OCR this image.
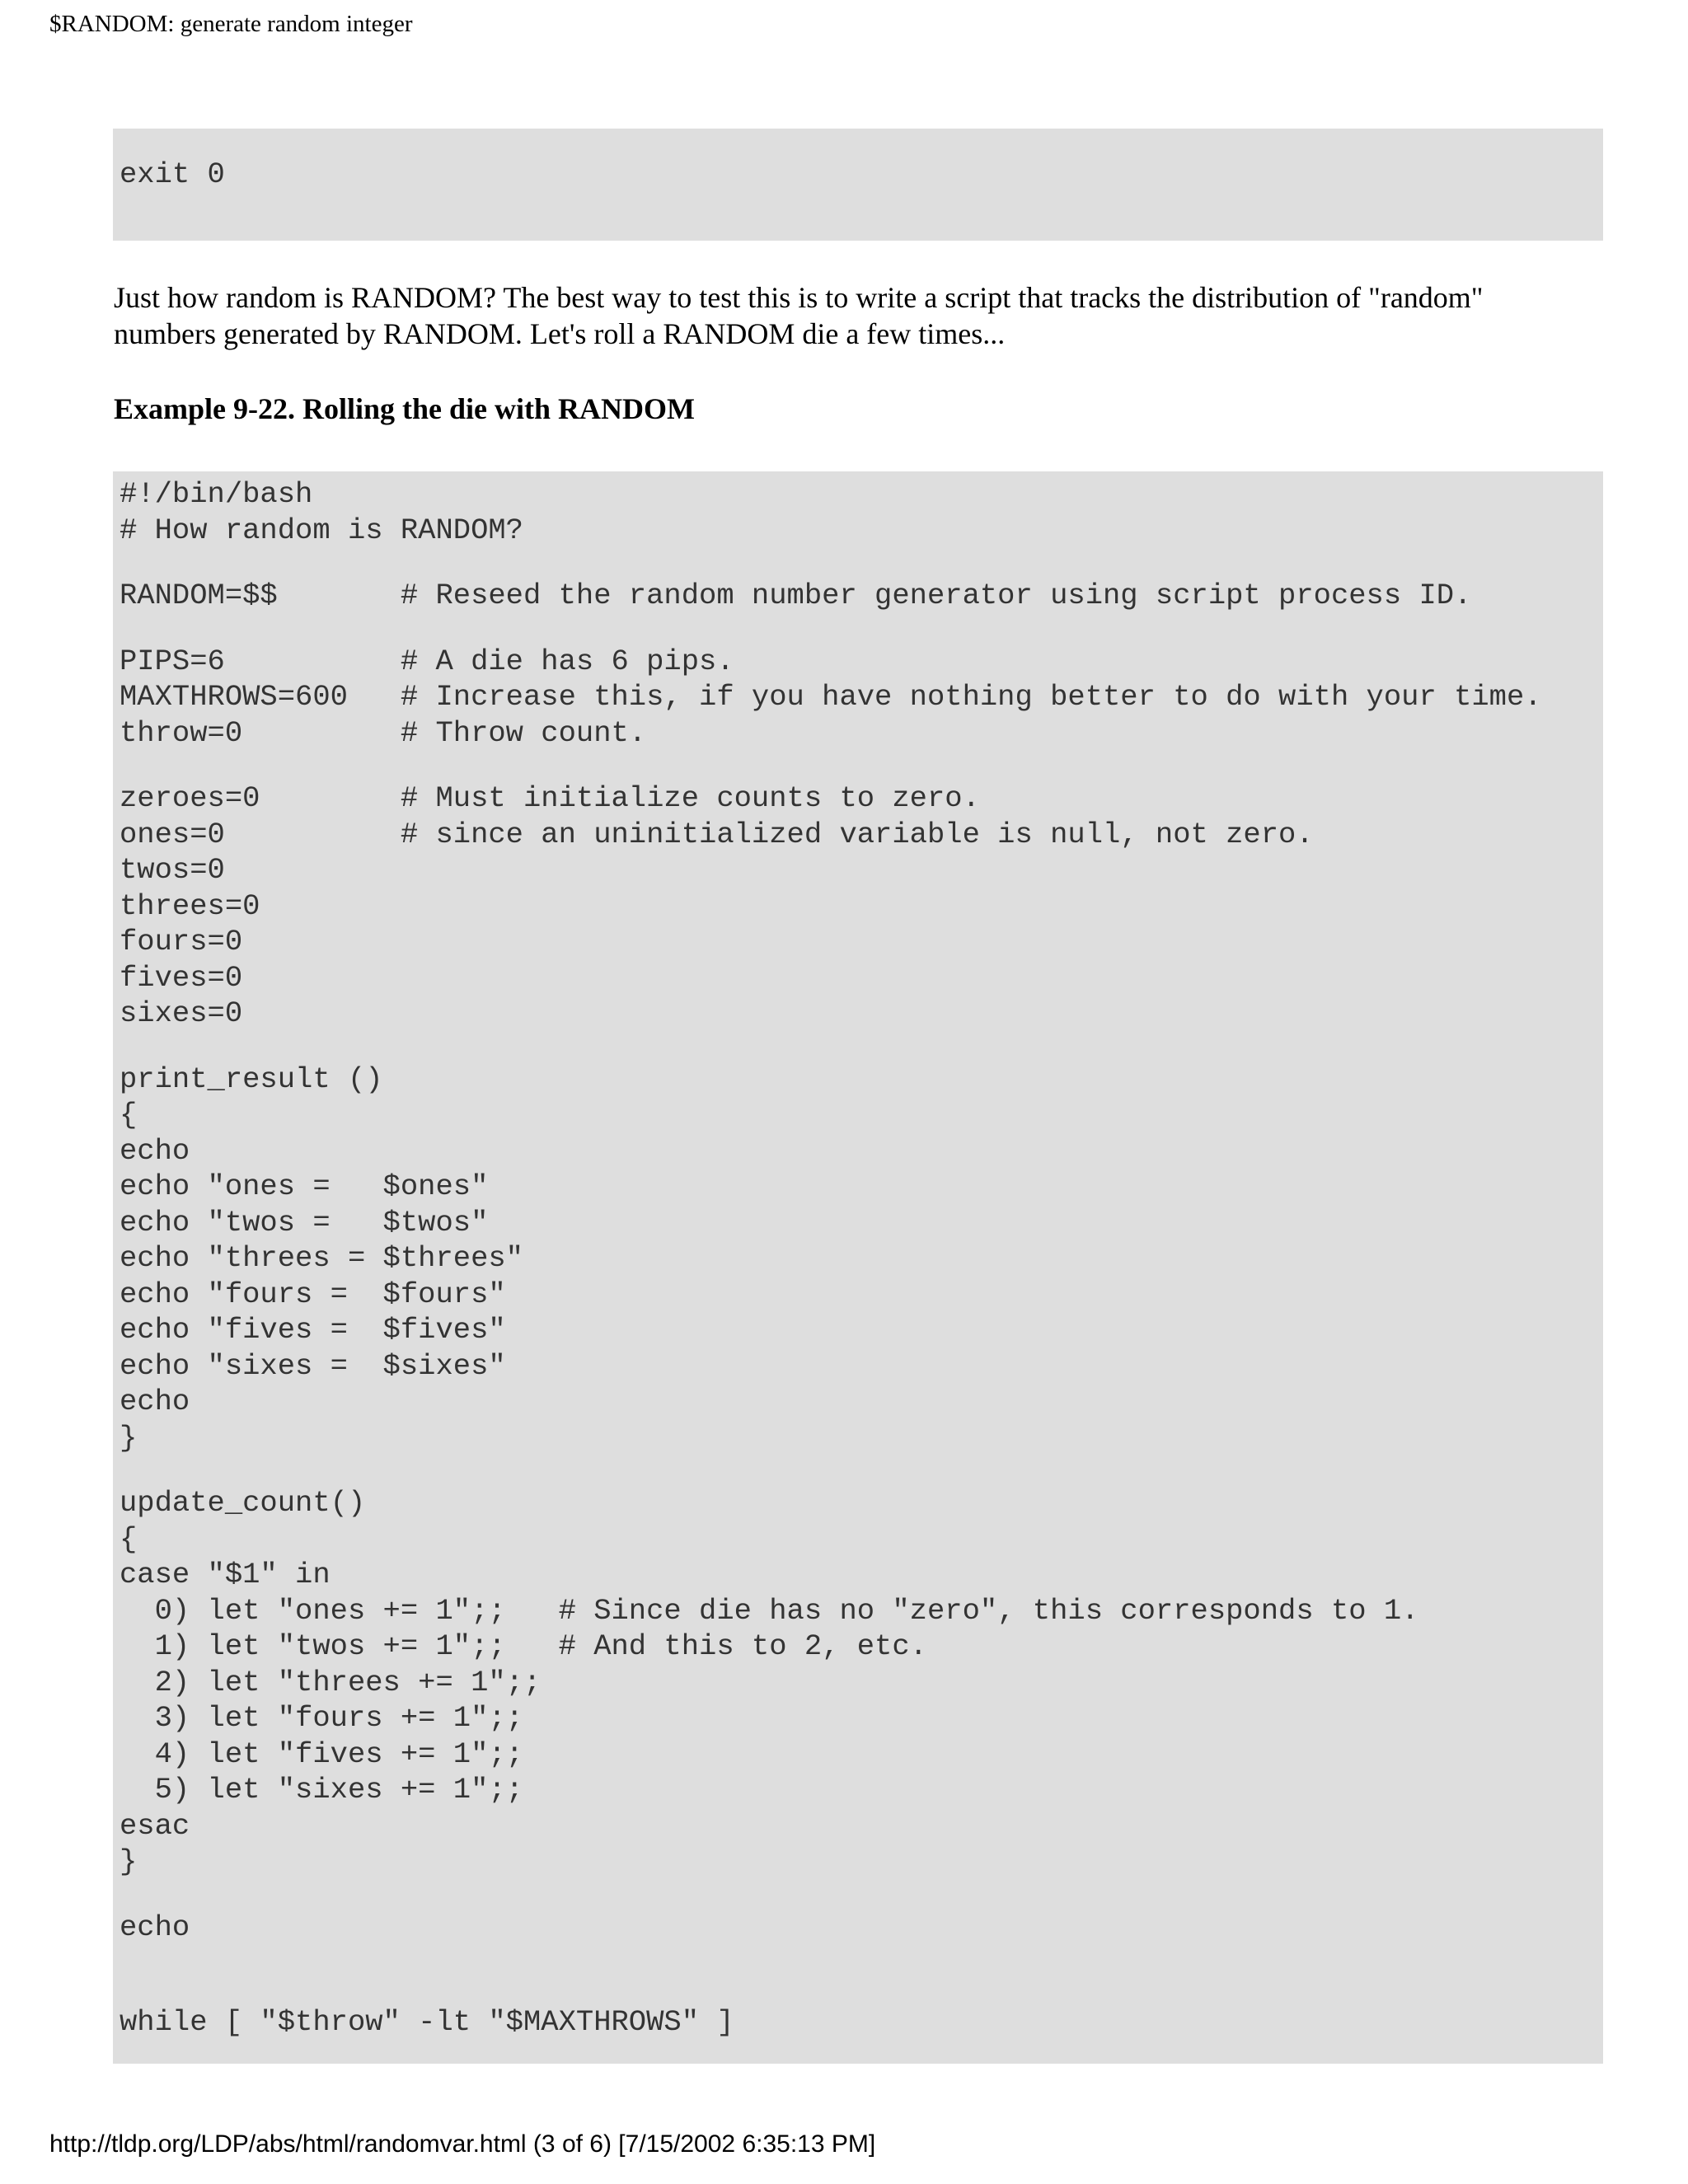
$RANDOM: generate random integer
exit 0

Just how random is RANDOM? The best way to test this is to write a script that tracks the distribution of "random" numbers generated by RANDOM. Let's roll a RANDOM die a few times...

Example 9-22. Rolling the die with RANDOM

#!/bin/bash
# How random is RANDOM?
RANDOM=$$       # Reseed the random number generator using script process ID.
PIPS=6          # A die has 6 pips.
MAXTHROWS=600   # Increase this, if you have nothing better to do with your time.
throw=0         # Throw count.
zeroes=0        # Must initialize counts to zero.
ones=0          # since an uninitialized variable is null, not zero.
twos=0
threes=0
fours=0
fives=0
sixes=0
print_result ()
{
echo
echo "ones =   $ones"
echo "twos =   $twos"
echo "threes = $threes"
echo "fours =  $fours"
echo "fives =  $fives"
echo "sixes =  $sixes"
echo
}
update_count()
{
case "$1" in
0) let "ones += 1";;   # Since die has no "zero", this corresponds to 1.
1) let "twos += 1";;   # And this to 2, etc.
2) let "threes += 1";;
3) let "fours += 1";;
4) let "fives += 1";;
5) let "sixes += 1";;
esac
}
echo
while [ "$throw" -lt "$MAXTHROWS" ]
http://tldp.org/LDP/abs/html/randomvar.html (3 of 6) [7/15/2002 6:35:13 PM]
